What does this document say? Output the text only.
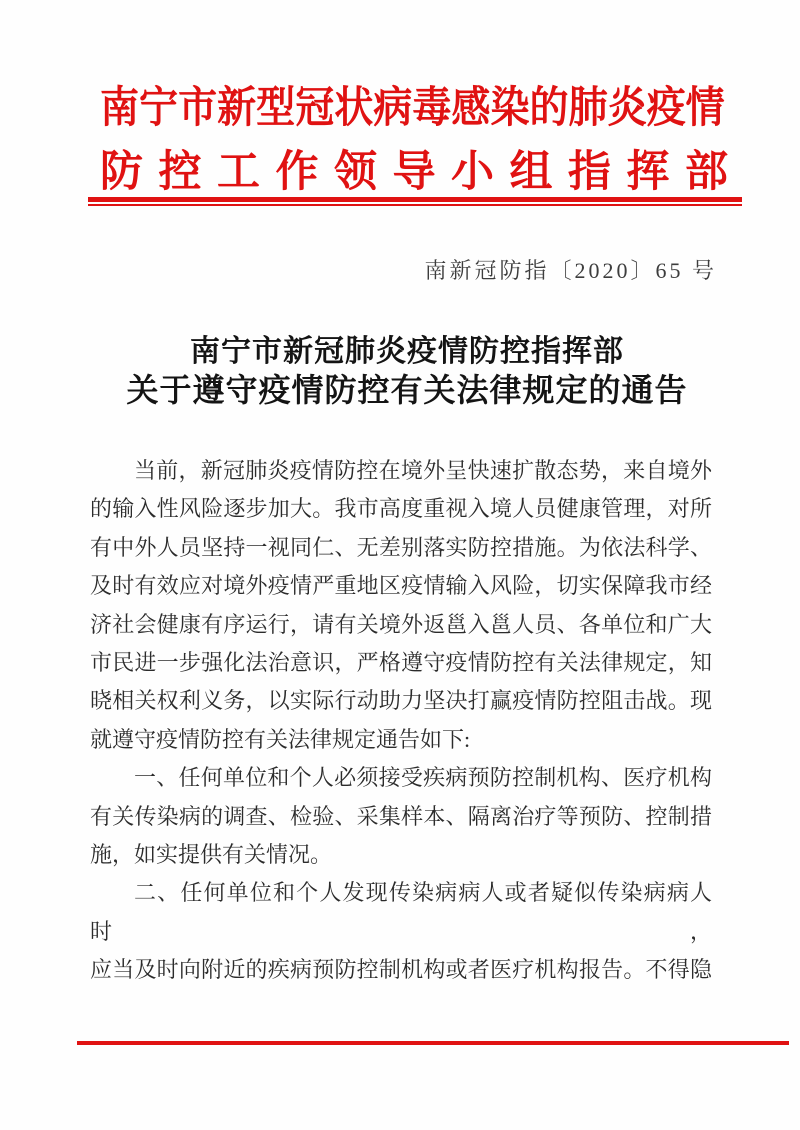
南宁市新型冠状病毒感染的肺炎疫情
防控工作领导小组指挥部
南新冠防指〔2020〕65 号
南宁市新冠肺炎疫情防控指挥部
关于遵守疫情防控有关法律规定的通告
当前，新冠肺炎疫情防控在境外呈快速扩散态势，来自境外
的输入性风险逐步加大。我市高度重视入境人员健康管理，对所
有中外人员坚持一视同仁、无差别落实防控措施。为依法科学、
及时有效应对境外疫情严重地区疫情输入风险，切实保障我市经
济社会健康有序运行，请有关境外返邕入邕人员、各单位和广大
市民进一步强化法治意识，严格遵守疫情防控有关法律规定，知
晓相关权利义务，以实际行动助力坚决打赢疫情防控阻击战。现
就遵守疫情防控有关法律规定通告如下:
一、任何单位和个人必须接受疾病预防控制机构、医疗机构
有关传染病的调查、检验、采集样本、隔离治疗等预防、控制措
施，如实提供有关情况。
二、任何单位和个人发现传染病病人或者疑似传染病病人时，
应当及时向附近的疾病预防控制机构或者医疗机构报告。不得隐
